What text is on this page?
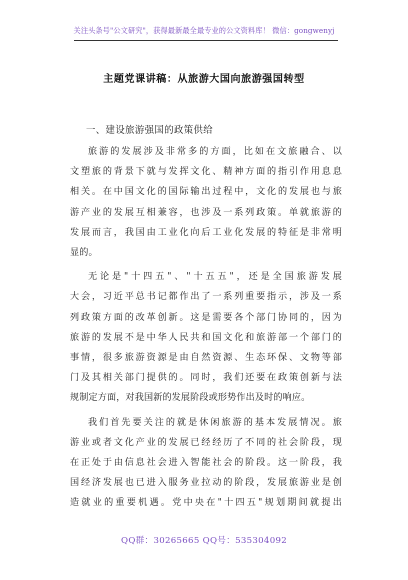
关注头条号"公文研究"，获得最新最全最专业的公文资料库！ 微信：gongwenyj
主题党课讲稿：从旅游大国向旅游强国转型
一、建设旅游强国的政策供给

旅游的发展涉及非常多的方面，比如在文旅融合、以
文塑旅的背景下就与发挥文化、精神方面的指引作用息息
相关。在中国文化的国际输出过程中，文化的发展也与旅
游产业的发展互相兼容，也涉及一系列政策。单就旅游的
发展而言，我国由工业化向后工业化发展的特征是非常明
显的。

无论是"十四五"、"十五五"，还是全国旅游发展
大会，习近平总书记都作出了一系列重要指示，涉及一系
列政策方面的改革创新。这是需要各个部门协同的，因为
旅游的发展不是中华人民共和国文化和旅游部一个部门的
事情，很多旅游资源是由自然资源、生态环保、文物等部
门及其相关部门提供的。同时，我们还要在政策创新与法
规制定方面，对我国新的发展阶段或形势作出及时的响应。

我们首先要关注的就是休闲旅游的基本发展情况。旅
游业或者文化产业的发展已经经历了不同的社会阶段，现
在正处于由信息社会进入智能社会的阶段。这一阶段，我
国经济发展也已进入服务业拉动的阶段，发展旅游业是创
造就业的重要机遇。党中央在"十四五"规划期间就提出

QQ群：30265665 QQ号：535304092
